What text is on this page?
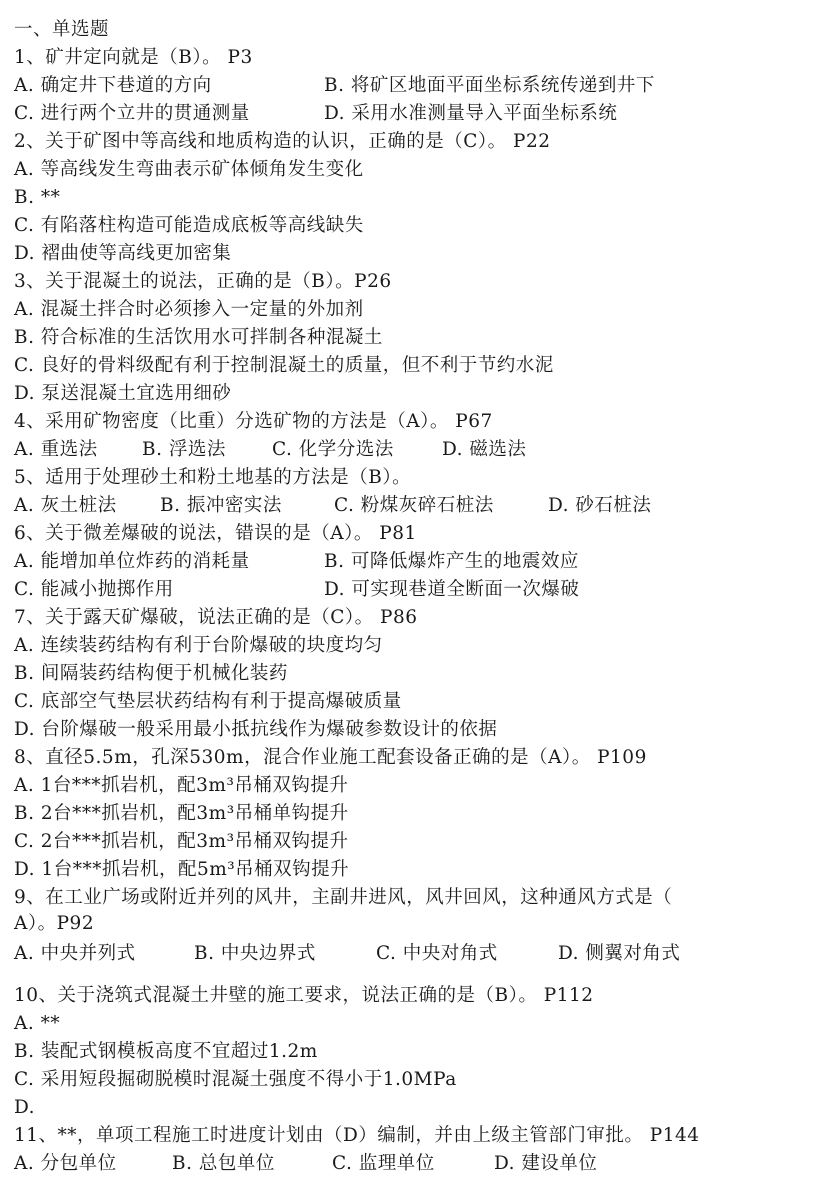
一、单选题
1、矿井定向就是（B）。 P3
A. 确定井下巷道的方向	B. 将矿区地面平面坐标系统传递到井下
C. 进行两个立井的贯通测量	D. 采用水准测量导入平面坐标系统
2、关于矿图中等高线和地质构造的认识，正确的是（C）。 P22
A. 等高线发生弯曲表示矿体倾角发生变化
B. **
C. 有陷落柱构造可能造成底板等高线缺失
D. 褶曲使等高线更加密集
3、关于混凝土的说法，正确的是（B）。P26
A. 混凝土拌合时必须掺入一定量的外加剂
B. 符合标准的生活饮用水可拌制各种混凝土
C. 良好的骨料级配有利于控制混凝土的质量，但不利于节约水泥
D. 泵送混凝土宜选用细砂
4、采用矿物密度（比重）分选矿物的方法是（A）。 P67
A. 重选法 B. 浮选法 C. 化学分选法	D. 磁选法
5、适用于处理砂土和粉土地基的方法是（B）。
A. 灰土桩法 B. 振冲密实法	C. 粉煤灰碎石桩法	D. 砂石桩法
6、关于微差爆破的说法，错误的是（A）。 P81
A. 能增加单位炸药的消耗量	B. 可降低爆炸产生的地震效应
C. 能减小抛掷作用	D. 可实现巷道全断面一次爆破
7、关于露天矿爆破，说法正确的是（C）。 P86
A. 连续装药结构有利于台阶爆破的块度均匀
B. 间隔装药结构便于机械化装药
C. 底部空气垫层状药结构有利于提高爆破质量
D. 台阶爆破一般采用最小抵抗线作为爆破参数设计的依据
8、直径5.5m，孔深530m，混合作业施工配套设备正确的是（A）。 P109
A. 1台***抓岩机，配3m³吊桶双钩提升
B. 2台***抓岩机，配3m³吊桶单钩提升
C. 2台***抓岩机，配3m³吊桶双钩提升
D. 1台***抓岩机，配5m³吊桶双钩提升
9、在工业广场或附近并列的风井，主副井进风，风井回风，这种通风方式是（
A）。P92
A. 中央并列式	B. 中央边界式	C. 中央对角式	D. 侧翼对角式
10、关于浇筑式混凝土井壁的施工要求，说法正确的是（B）。 P112
A. **
B. 装配式钢模板高度不宜超过1.2m
C. 采用短段掘砌脱模时混凝土强度不得小于1.0MPa
D.
11、**，单项工程施工时进度计划由（D）编制，并由上级主管部门审批。 P144
A. 分包单位	B. 总包单位	C. 监理单位	D. 建设单位
